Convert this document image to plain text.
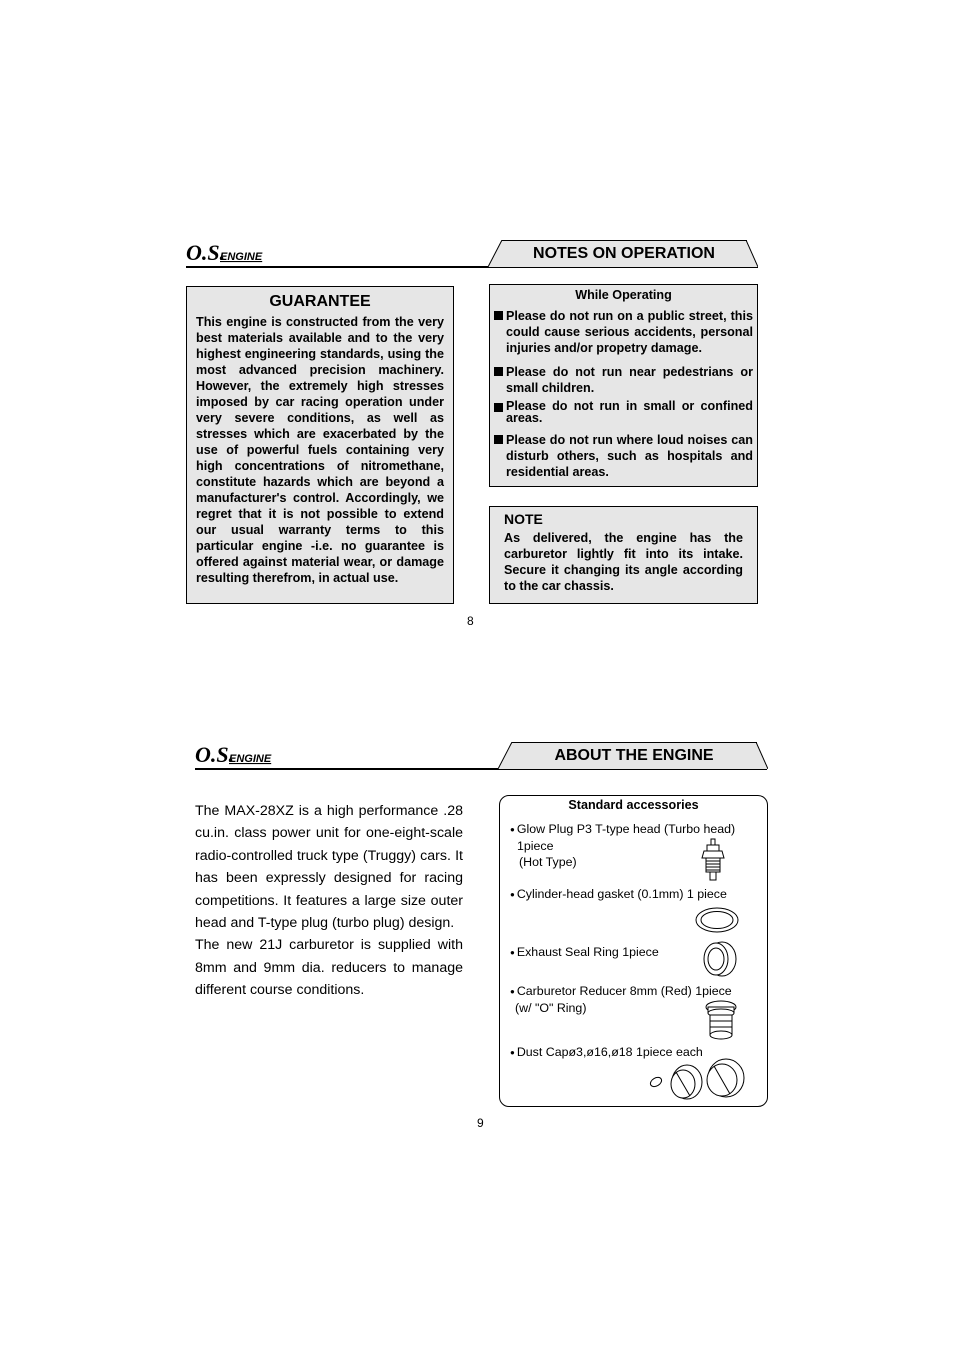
O.S.
ENGINE	NOTES ON OPERATION
GUARANTEE
This engine is constructed from the very best materials available and to the very highest engineering standards, using the most advanced precision machinery. However, the extremely high stresses imposed by car racing operation under very severe conditions, as well as stresses which are exacerbated by the use of powerful fuels containing very high concentrations of nitromethane, constitute hazards which are beyond a manufacturer's control. Accordingly, we regret that it is not possible to extend our usual warranty terms to this particular engine -i.e. no guarantee is offered against material wear, or damage resulting therefrom, in actual use.
While Operating
Please do not run on a public street, this could cause serious accidents, personal injuries and/or propetry damage.
Please do not run near pedestrians or small children.
Please do not run in small or confined areas.
Please do not run where loud noises can disturb others, such as hospitals and residential areas.
NOTE
As delivered, the engine has the carburetor lightly fit into its intake. Secure it changing its angle according to the car chassis.
8
O.S.
ENGINE	ABOUT THE ENGINE
The MAX-28XZ is a high performance .28 cu.in. class power unit for one-eight-scale radio-controlled truck type (Truggy) cars. It has been expressly designed for racing competitions. It features a large size outer head and T-type plug (turbo plug) design.
The new 21J carburetor is supplied with 8mm and 9mm dia. reducers to manage different course conditions.
Standard accessories
● Glow Plug P3 T-type head (Turbo head)
1piece
(Hot Type)
● Cylinder-head gasket (0.1mm) 1 piece
● Exhaust Seal Ring 1piece
● Carburetor Reducer 8mm (Red) 1piece
(w/ "O" Ring)
● Dust Capø3,ø16,ø18 1piece each
9
